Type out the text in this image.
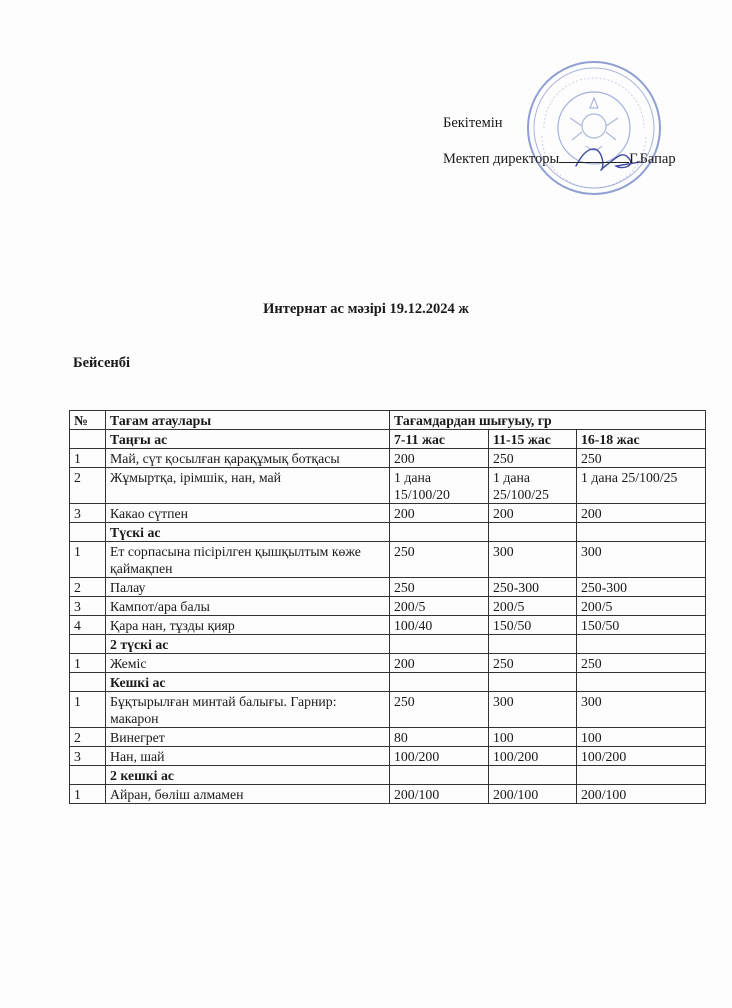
Бекітемін
Мектеп директоры	Г.Бапар
Интернат ас мәзірі 19.12.2024 ж
Бейсенбі
№	Тағам атаулары	Тағамдардан шығуыу, гр		
	Таңғы ас	7-11 жас	11-15 жас	16-18 жас
1	Май, сүт қосылған қарақұмық ботқасы	200	250	250
2	Жұмыртқа, ірімшік, нан, май	1 дана 15/100/20	1 дана 25/100/25	1 дана 25/100/25
3	Какао сүтпен	200	200	200
	Түскі ас			
1	Ет сорпасына пісірілген қышқылтым көже қаймақпен	250	300	300
2	Палау	250	250-300	250-300
3	Кампот/ара балы	200/5	200/5	200/5
4	Қара нан, тұзды қияр	100/40	150/50	150/50
	2 түскі ас			
1	Жеміс	200	250	250
	Кешкі ас			
1	Бұқтырылған минтай балығы. Гарнир: макарон	250	300	300
2	Винегрет	80	100	100
3	Нан, шай	100/200	100/200	100/200
	2 кешкі ас			
1	Айран, бөліш алмамен	200/100	200/100	200/100
